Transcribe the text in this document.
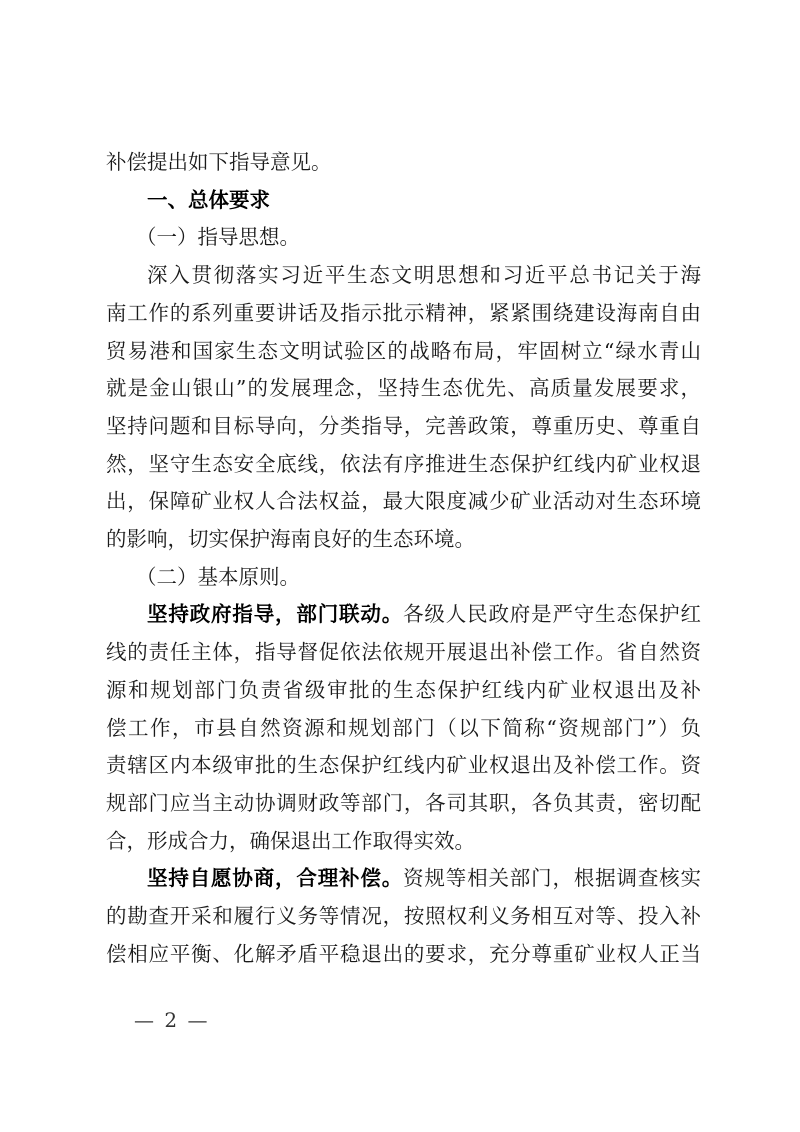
补偿提出如下指导意见。

一、总体要求

（一）指导思想。

深入贯彻落实习近平生态文明思想和习近平总书记关于海
南工作的系列重要讲话及指示批示精神，紧紧围绕建设海南自由
贸易港和国家生态文明试验区的战略布局，牢固树立“绿水青山
就是金山银山”的发展理念，坚持生态优先、高质量发展要求，
坚持问题和目标导向，分类指导，完善政策，尊重历史、尊重自
然，坚守生态安全底线，依法有序推进生态保护红线内矿业权退
出，保障矿业权人合法权益，最大限度减少矿业活动对生态环境
的影响，切实保护海南良好的生态环境。

（二）基本原则。

坚持政府指导，部门联动。各级人民政府是严守生态保护红
线的责任主体，指导督促依法依规开展退出补偿工作。省自然资
源和规划部门负责省级审批的生态保护红线内矿业权退出及补
偿工作，市县自然资源和规划部门（以下简称“资规部门”）负
责辖区内本级审批的生态保护红线内矿业权退出及补偿工作。资
规部门应当主动协调财政等部门，各司其职，各负其责，密切配
合，形成合力，确保退出工作取得实效。

坚持自愿协商，合理补偿。资规等相关部门，根据调查核实
的勘查开采和履行义务等情况，按照权利义务相互对等、投入补
偿相应平衡、化解矛盾平稳退出的要求，充分尊重矿业权人正当

— 2 —
